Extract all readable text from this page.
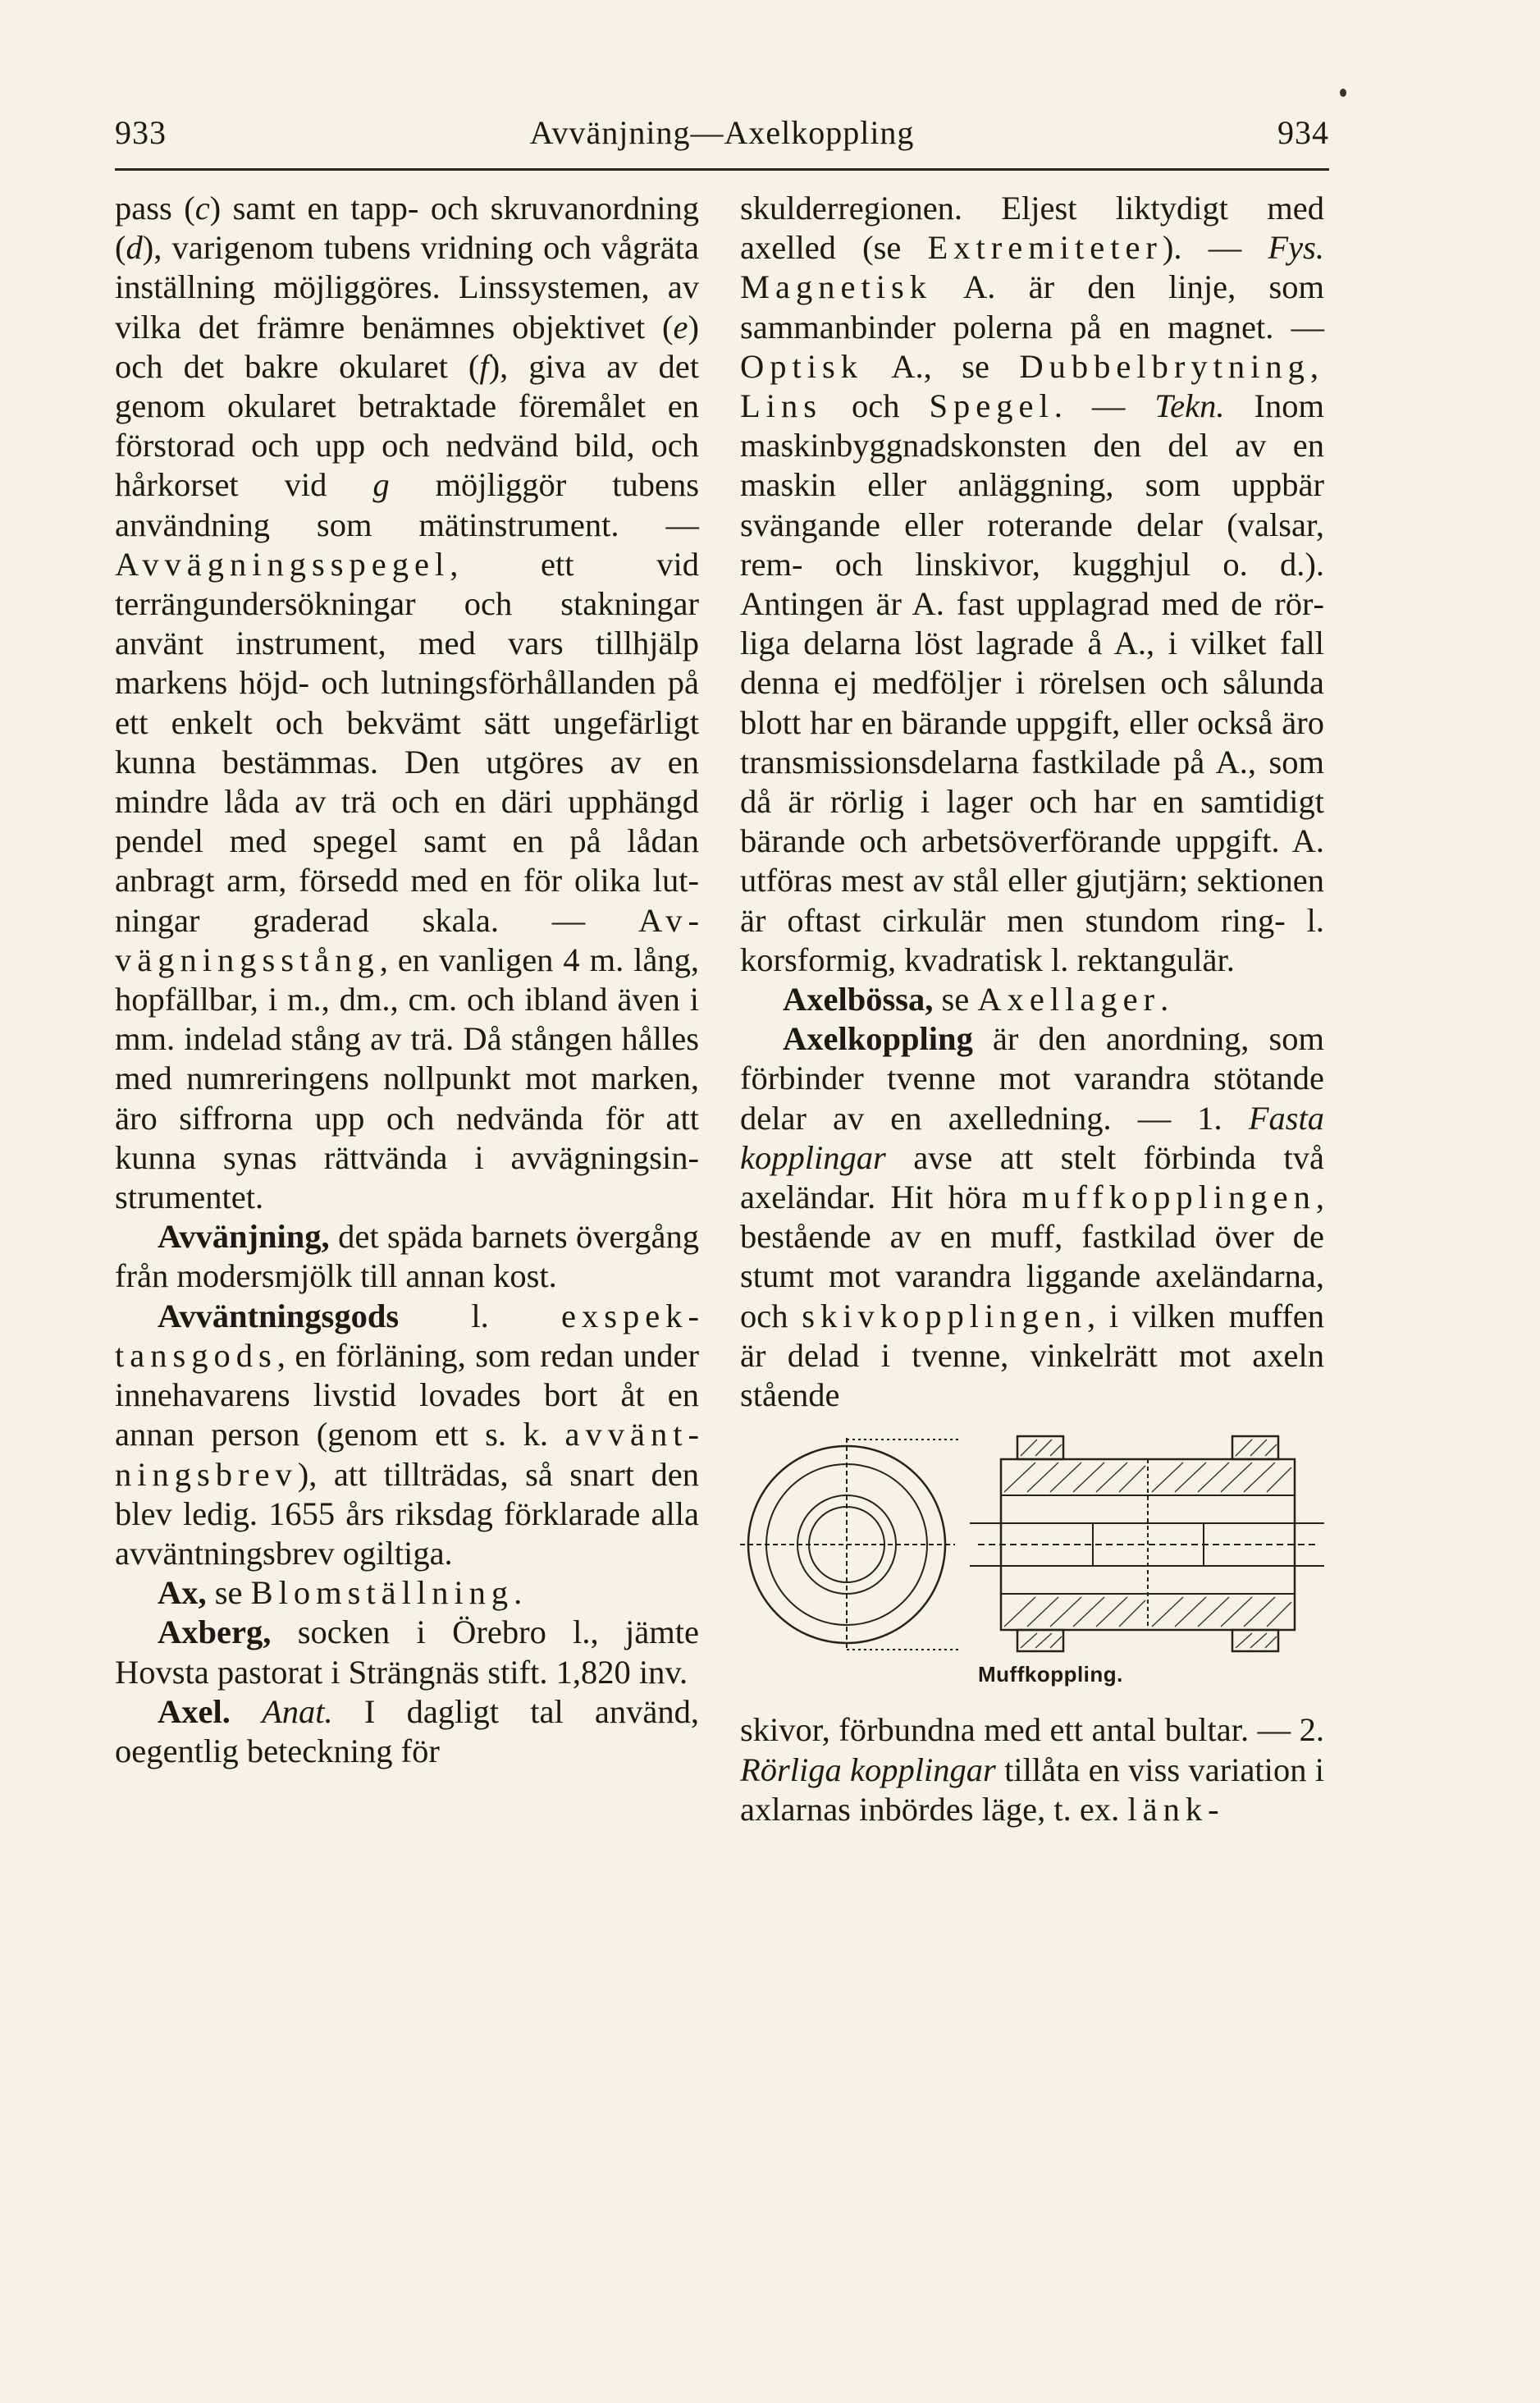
933	Avvänjning—Axelkoppling	934

pass (c) samt en tapp- och skruvanordning (d), varigenom tubens vridning och vågräta inställning möjliggöres. Linssystemen, av vilka det främre benämnes objektivet (e) och det bakre okularet (f), giva av det genom okularet betraktade föremålet en förstorad och upp och nedvänd bild, och hårkorset vid g möjliggör tubens användning som mätinstrument. — Avvägningsspegel, ett vid terrängundersökningar och stakningar använt instrument, med vars tillhjälp markens höjd- och lutningsförhållanden på ett enkelt och bekvämt sätt ungefärligt kunna bestämmas. Den utgöres av en mindre låda av trä och en däri upphängd pendel med spegel samt en på lådan anbragt arm, försedd med en för olika lutningar graderad skala. — Avvägningsstång, en vanligen 4 m. lång, hopfällbar, i m., dm., cm. och ibland även i mm. indelad stång av trä. Då stången hålles med numreringens nollpunkt mot marken, äro siffrorna upp och nedvända för att kunna synas rättvända i avvägningsinstrumentet.

Avvänjning, det späda barnets övergång från modersmjölk till annan kost.

Avväntningsgods l. exspektansgods, en förläning, som redan under innehavarens livstid lovades bort åt en annan person (genom ett s. k. avväntningsbrev), att tillträdas, så snart den blev ledig. 1655 års riksdag förklarade alla avväntningsbrev ogiltiga.

Ax, se Blomställning.

Axberg, socken i Örebro l., jämte Hovsta pastorat i Strängnäs stift. 1,820 inv.

Axel. Anat. I dagligt tal använd, oegentlig beteckning för

skulderregionen. Eljest liktydigt med axelled (se Extremiteter). — Fys. Magnetisk A. är den linje, som sammanbinder polerna på en magnet. — Optisk A., se Dubbelbrytning, Lins och Spegel. — Tekn. Inom maskinbyggnadskonsten den del av en maskin eller anläggning, som uppbär svängande eller roterande delar (valsar, rem- och linskivor, kugghjul o. d.). Antingen är A. fast upplagrad med de rörliga delarna löst lagrade å A., i vilket fall denna ej medföljer i rörelsen och sålunda blott har en bärande uppgift, eller också äro transmissionsdelarna fastkilade på A., som då är rörlig i lager och har en samtidigt bärande och arbetsöverförande uppgift. A. utföras mest av stål eller gjutjärn; sektionen är oftast cirkulär men stundom ring- l. korsformig, kvadratisk l. rektangulär.

Axelbössa, se Axellager.

Axelkoppling är den anordning, som förbinder tvenne mot varandra stötande delar av en axelledning. — 1. Fasta kopplingar avse att stelt förbinda två axeländar. Hit höra muffkopplingen, bestående av en muff, fastkilad över de stumt mot varandra liggande axeländarna, och skivkopplingen, i vilken muffen är delad i tvenne, vinkelrätt mot axeln stående

Muffkoppling.

skivor, förbundna med ett antal bultar. — 2. Rörliga kopplingar tillåta en viss variation i axlarnas inbördes läge, t. ex. länk-
